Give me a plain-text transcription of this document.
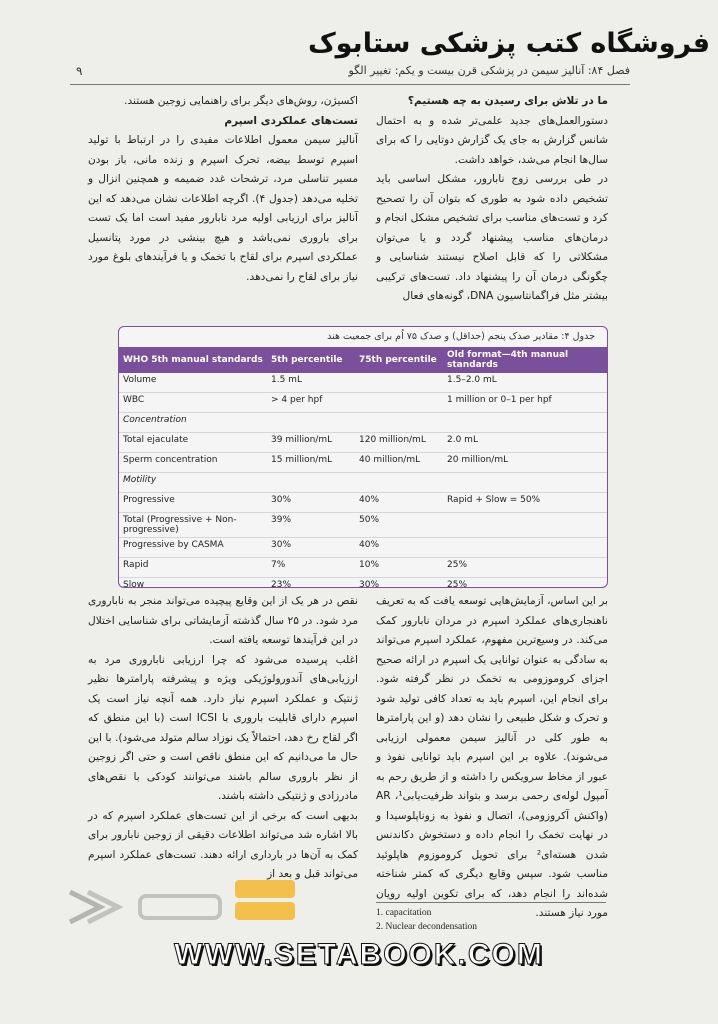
فروشگاه کتب پزشکی ستابوک
فصل ۸۴: آنالیز سیمن در پزشکی قرن بیست و یکم: تغییر الگو
۹

ما در تلاش برای رسیدن به چه هستیم؟

دستورالعمل‌های جدید علمی‌تر شده و به احتمال شانس گزارش به جای یک گزارش دوتایی را که برای سال‌ها انجام می‌شد، خواهد داشت.

در طی بررسی زوج نابارور، مشکل اساسی باید تشخیص داده شود به طوری که بتوان آن را تصحیح کرد و تست‌های مناسب برای تشخیص مشکل انجام و درمان‌های مناسب پیشنهاد گردد و یا می‌توان مشکلاتی را که قابل اصلاح نیستند شناسایی و چگونگی درمان آن را پیشنهاد داد. تست‌های ترکیبی بیشتر مثل فراگمانتاسیون DNA، گونه‌های فعال

اکسیژن، روش‌های دیگر برای راهنمایی زوجین هستند.

تست‌های عملکردی اسپرم

آنالیز سیمن معمول اطلاعات مفیدی را در ارتباط با تولید اسپرم توسط بیضه، تحرک اسپرم و زنده مانی، باز بودن مسیر تناسلی مرد، ترشحات غدد ضمیمه و همچنین انزال و تخلیه می‌دهد (جدول ۴). اگرچه اطلاعات نشان می‌دهد که این آنالیز برای ارزیابی اولیه مرد نابارور مفید است اما یک تست برای باروری نمی‌باشد و هیچ بینشی در مورد پتانسیل عملکردی اسپرم برای لقاح با تخمک و یا فرآیندهای بلوغ مورد نیاز برای لقاح را نمی‌دهد.

جدول ۴: مقادیر صدک پنجم (حداقل) و صدک ۷۵ اُم برای جمعیت هند
WHO 5th manual standards	5th percentile	75th percentile	Old format—4th manual standards
Volume	1.5 mL		1.5–2.0 mL
WBC	> 4 per hpf		1 million or 0–1 per hpf
Concentration			
Total ejaculate	39 million/mL	120 million/mL	2.0 mL
Sperm concentration	15 million/mL	40 million/mL	20 million/mL
Motility			
Progressive	30%	40%	Rapid + Slow = 50%
Total (Progressive + Non-progressive)	39%	50%	
Progressive by CASMA	30%	40%	
Rapid	7%	10%	25%
Slow	23%	30%	25%

بر این اساس، آزمایش‌هایی توسعه یافت که به تعریف ناهنجاری‌های عملکرد اسپرم در مردان نابارور کمک می‌کند. در وسیع‌ترین مفهوم، عملکرد اسپرم می‌تواند به سادگی به عنوان توانایی یک اسپرم در ارائه صحیح اجزای کروموزومی به تخمک در نظر گرفته شود. برای انجام این، اسپرم باید به تعداد کافی تولید شود و تحرک و شکل طبیعی را نشان دهد (و این پارامترها به طور کلی در آنالیز سیمن معمولی ارزیابی می‌شوند). علاوه بر این اسپرم باید توانایی نفوذ و عبور از مخاط سرویکس را داشته و از طریق رحم به آمپول لوله‌ی رحمی برسد و بتواند ظرفیت‌یابی¹، AR (واکنش آکروزومی)، اتصال و نفوذ به زوناپلوسیدا و در نهایت تخمک را انجام داده و دستخوش دکاندنس شدن هسته‌ای² برای تحویل کروموزوم هاپلوئید مناسب شود. سپس وقایع دیگری که کمتر شناخته شده‌اند را انجام دهد، که برای تکوین اولیه رویان مورد نیاز هستند.

نقص در هر یک از این وقایع پیچیده می‌تواند منجر به ناباروری مرد شود. در ۲۵ سال گذشته آزمایشاتی برای شناسایی اختلال در این فرآیندها توسعه یافته است.

اغلب پرسیده می‌شود که چرا ارزیابی ناباروری مرد به ارزیابی‌های آندورولوژیکی ویژه و پیشرفته پارامترها نظیر ژنتیک و عملکرد اسپرم نیاز دارد. همه آنچه نیاز است یک اسپرم دارای قابلیت باروری با ICSI است (با این منطق که اگر لقاح رخ دهد، احتمالاً یک نوزاد سالم متولد می‌شود). با این حال ما می‌دانیم که این منطق ناقص است و حتی اگر زوجین از نظر باروری سالم باشند می‌توانند کودکی با نقص‌های مادرزادی و ژنتیکی داشته باشند.

بدیهی است که برخی از این تست‌های عملکرد اسپرم که در بالا اشاره شد می‌تواند اطلاعات دقیقی از زوجین نابارور برای کمک به آن‌ها در بارداری ارائه دهند. تست‌های عملکرد اسپرم می‌تواند قبل و بعد از

1. capacitation
2. Nuclear decondensation
WWW.SETABOOK.COM
